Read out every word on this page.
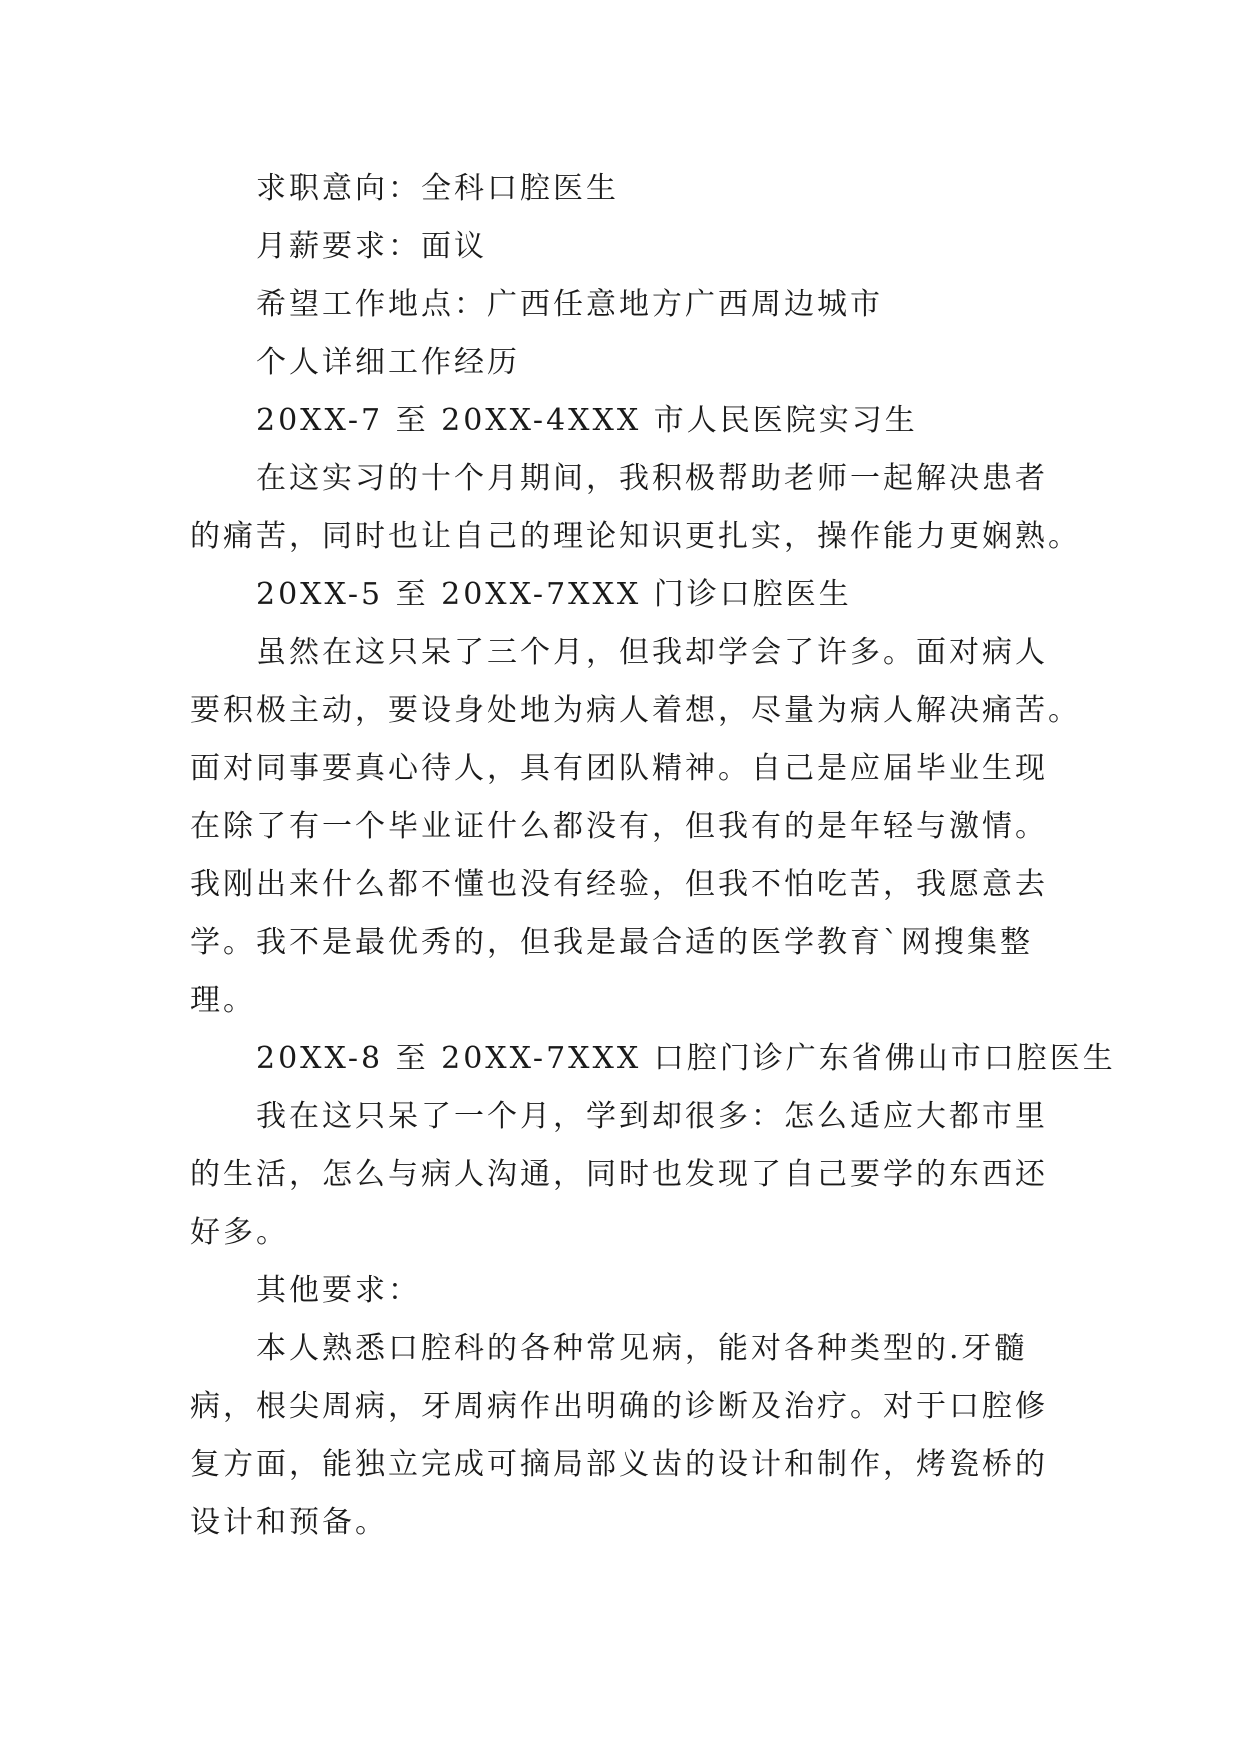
求职意向：全科口腔医生
月薪要求：面议
希望工作地点：广西任意地方广西周边城市
个人详细工作经历
20XX-7 至 20XX-4XXX 市人民医院实习生
在这实习的十个月期间，我积极帮助老师一起解决患者
的痛苦，同时也让自己的理论知识更扎实，操作能力更娴熟。
20XX-5 至 20XX-7XXX 门诊口腔医生
虽然在这只呆了三个月，但我却学会了许多。面对病人
要积极主动，要设身处地为病人着想，尽量为病人解决痛苦。
面对同事要真心待人，具有团队精神。自己是应届毕业生现
在除了有一个毕业证什么都没有，但我有的是年轻与激情。
我刚出来什么都不懂也没有经验，但我不怕吃苦，我愿意去
学。我不是最优秀的，但我是最合适的医学教育`网搜集整
理。
20XX-8 至 20XX-7XXX 口腔门诊广东省佛山市口腔医生
我在这只呆了一个月，学到却很多：怎么适应大都市里
的生活，怎么与病人沟通，同时也发现了自己要学的东西还
好多。
其他要求：
本人熟悉口腔科的各种常见病，能对各种类型的.牙髓
病，根尖周病，牙周病作出明确的诊断及治疗。对于口腔修
复方面，能独立完成可摘局部义齿的设计和制作，烤瓷桥的
设计和预备。
